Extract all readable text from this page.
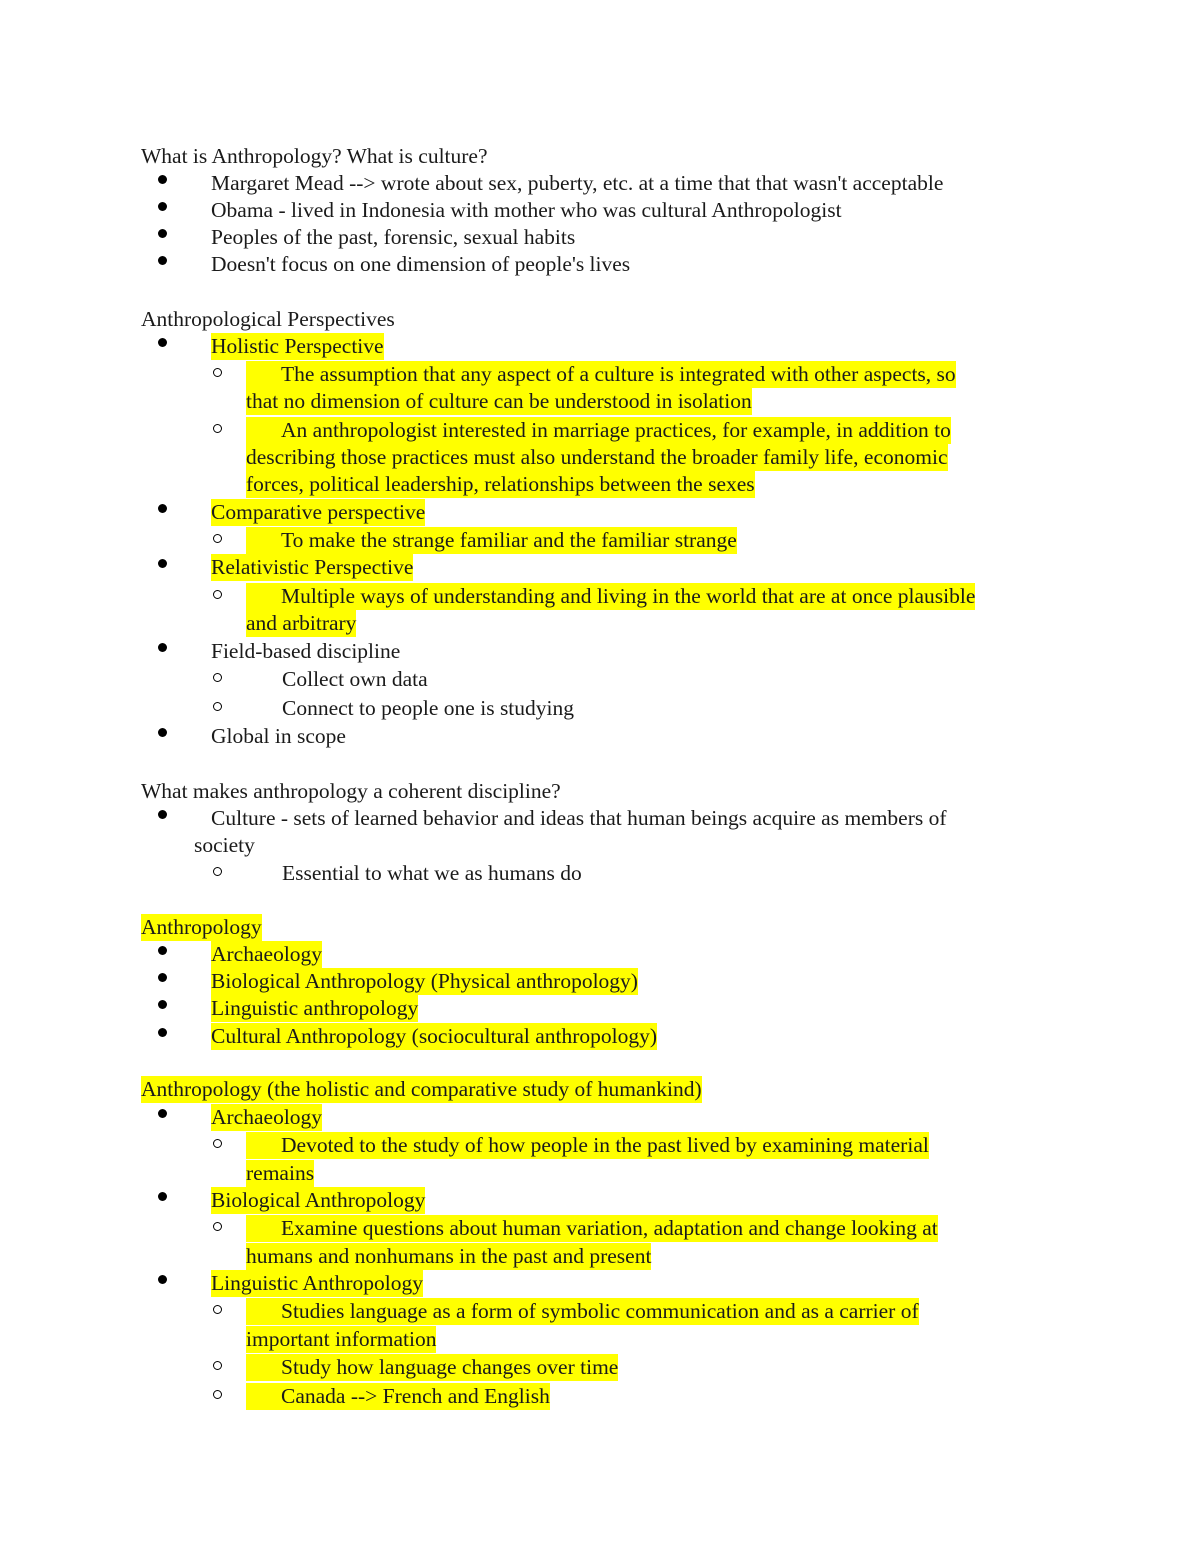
What is Anthropology? What is culture?
Margaret Mead --> wrote about sex, puberty, etc. at a time that that wasn't acceptable
Obama - lived in Indonesia with mother who was cultural Anthropologist
Peoples of the past, forensic, sexual habits
Doesn't focus on one dimension of people's lives
Anthropological Perspectives
Holistic Perspective
The assumption that any aspect of a culture is integrated with other aspects, so
that no dimension of culture can be understood in isolation
An anthropologist interested in marriage practices, for example, in addition to
describing those practices must also understand the broader family life, economic
forces, political leadership, relationships between the sexes
Comparative perspective
To make the strange familiar and the familiar strange
Relativistic Perspective
Multiple ways of understanding and living in the world that are at once plausible
and arbitrary
Field-based discipline
Collect own data
Connect to people one is studying
Global in scope
What makes anthropology a coherent discipline?
Culture - sets of learned behavior and ideas that human beings acquire as members of
society
Essential to what we as humans do
Anthropology
Archaeology
Biological Anthropology (Physical anthropology)
Linguistic anthropology
Cultural Anthropology (sociocultural anthropology)
Anthropology (the holistic and comparative study of humankind)
Archaeology
Devoted to the study of how people in the past lived by examining material
remains
Biological Anthropology
Examine questions about human variation, adaptation and change looking at
humans and nonhumans in the past and present
Linguistic Anthropology
Studies language as a form of symbolic communication and as a carrier of
important information
Study how language changes over time
Canada --> French and English
